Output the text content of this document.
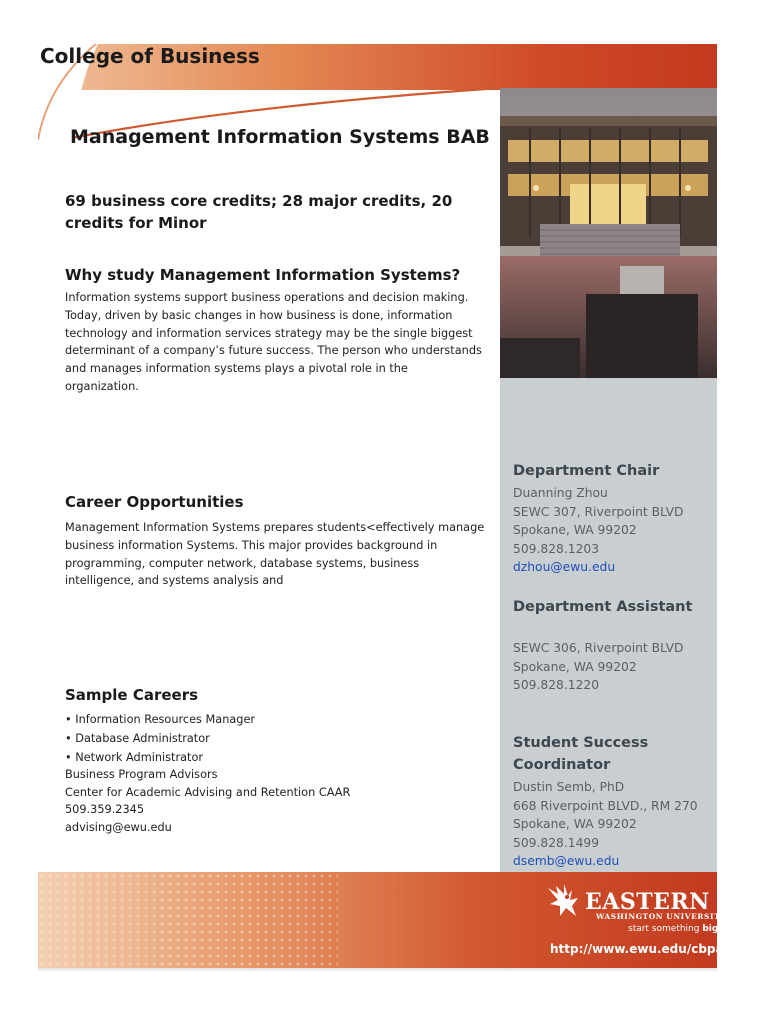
College of Business
Management Information Systems BAB
69 business core credits; 28 major credits, 20 credits for Minor
Why study Management Information Systems?
Information systems support business operations and decision making. Today, driven by basic changes in how business is done, information technology and information services strategy may be the single biggest determinant of a company’s future success. The person who understands and manages information systems plays a pivotal role in the organization.
Career Opportunities
Management Information Systems prepares students<effectively manage business information Systems. This major provides background in programming, computer network, database systems, business intelligence, and systems analysis and
Sample Careers
• Information Resources Manager
• Database Administrator
• Network Administrator
Business Program Advisors
Center for Academic Advising and Retention CAAR
509.359.2345
advising@ewu.edu
Department Chair
Duanning Zhou
SEWC 307, Riverpoint BLVD
Spokane, WA 99202
509.828.1203
dzhou@ewu.edu
Department Assistant
SEWC 306, Riverpoint BLVD
Spokane, WA 99202
509.828.1220
Student Success
Coordinator
Dustin Semb, PhD
668 Riverpoint BLVD., RM 270
Spokane, WA 99202
509.828.1499
dsemb@ewu.edu
EASTERN
WASHINGTON UNIVERSITY
start something big
http://www.ewu.edu/cbpa
